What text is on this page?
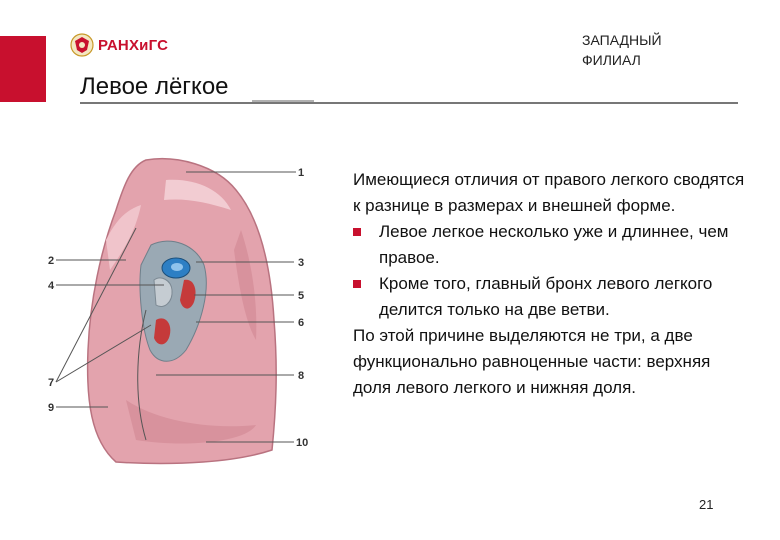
РАНХиГС	ЗАПАДНЫЙ
ФИЛИАЛ
Левое лёгкое
1
2	3
4
5
6
7
8
9
10

Имеющиеся отличия от правого легкого сводятся к разнице в размерах и внешней форме.

Левое легкое несколько уже и длиннее, чем правое.
Кроме того, главный бронх левого легкого делится только на две ветви.

По этой причине выделяются не три, а две функционально равноценные части: верхняя доля левого легкого и нижняя доля.

21
